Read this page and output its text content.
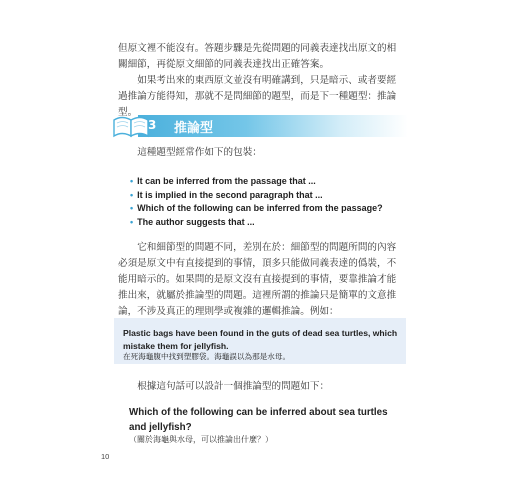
但原文裡不能沒有。答題步驟是先從問題的同義表達找出原文的相關細節，再從原文細節的同義表達找出正確答案。

如果考出來的東西原文並沒有明確講到，只是暗示、或者要經過推論方能得知，那就不是問細節的題型，而是下一種題型：推論型。

3 推論型

這種題型經常作如下的包裝：

• It can be inferred from the passage that ...
• It is implied in the second paragraph that ...
• Which of the following can be inferred from the passage?
• The author suggests that ...

它和細節型的問題不同，差別在於：細節型的問題所問的內容必須是原文中有直接提到的事情，頂多只能做同義表達的僞裝，不能用暗示的。如果問的是原文沒有直接提到的事情，要靠推論才能推出來，就屬於推論型的問題。這裡所謂的推論只是簡單的文意推論，不涉及真正的理則學或複雜的邏輯推論。例如：

Plastic bags have been found in the guts of dead sea turtles, which mistake them for jellyfish.

在死海龜腹中找到塑膠袋。海龜誤以為那是水母。

根據這句話可以設計一個推論型的問題如下：

Which of the following can be inferred about sea turtles and jellyfish?

（關於海龜與水母，可以推論出什麼？）

10
